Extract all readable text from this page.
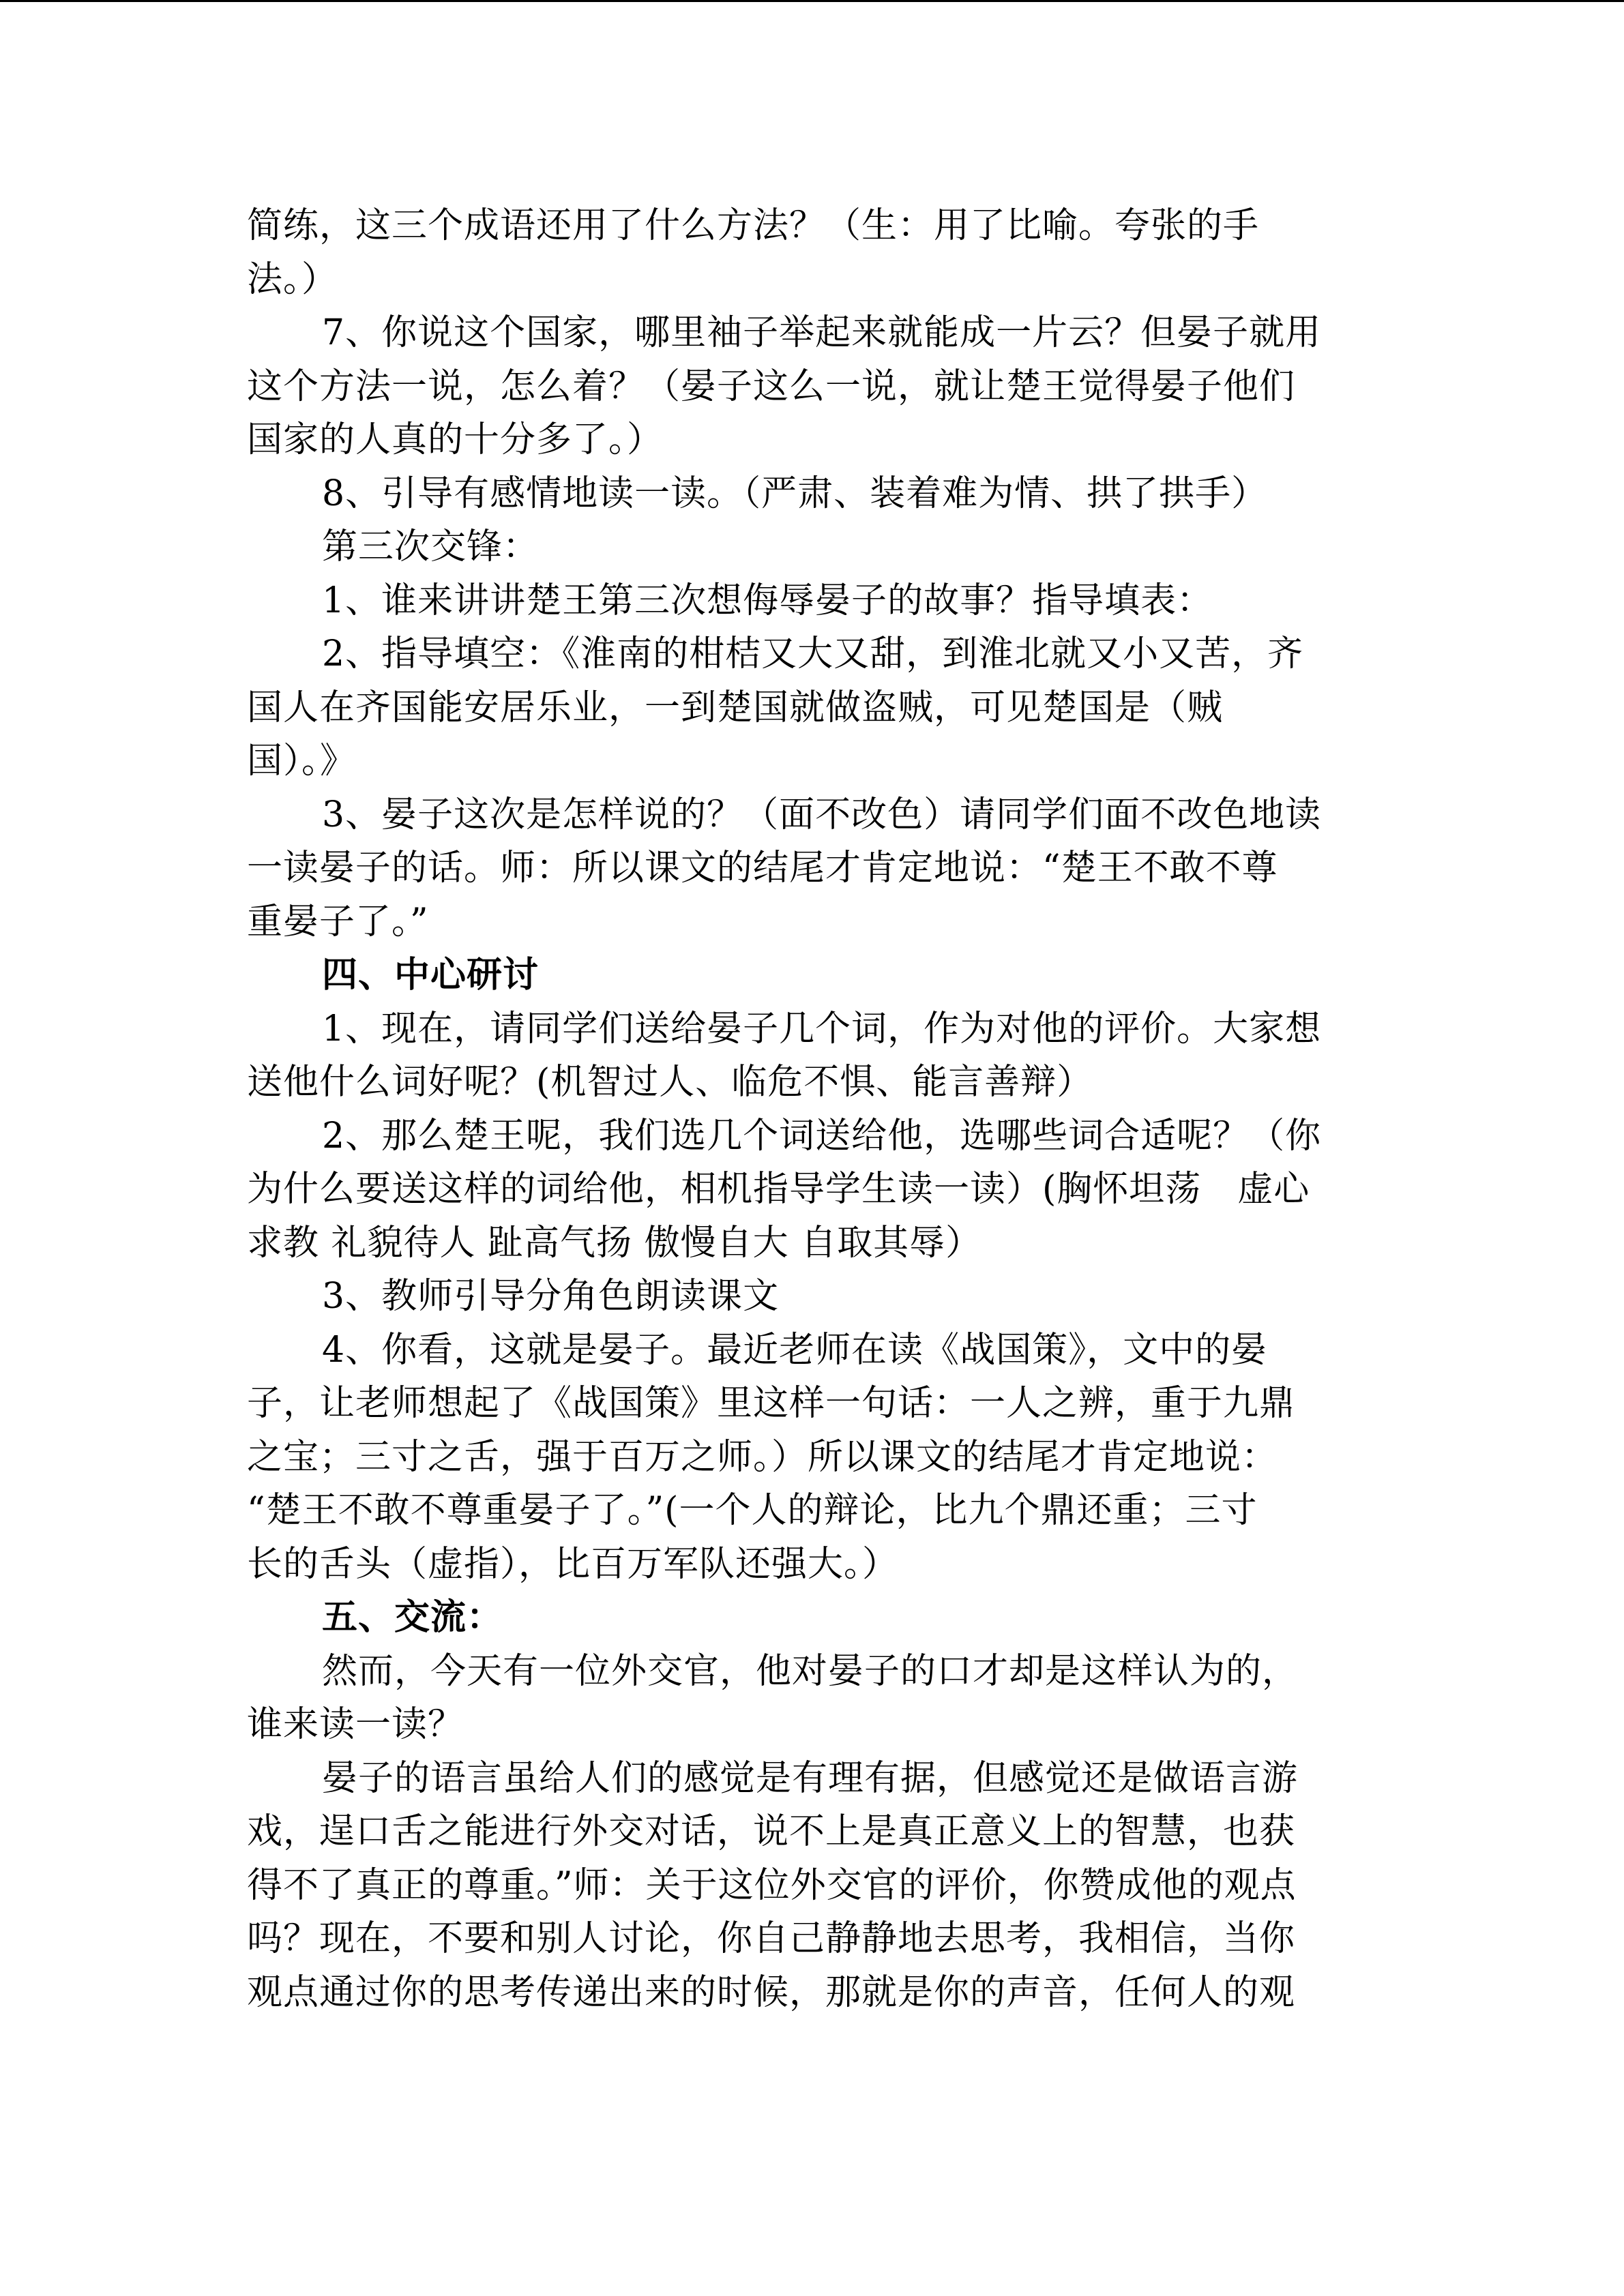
简练，这三个成语还用了什么方法？（生：用了比喻。夸张的手
法。）
7、你说这个国家，哪里袖子举起来就能成一片云？但晏子就用
这个方法一说，怎么着？（晏子这么一说，就让楚王觉得晏子他们
国家的人真的十分多了。）
8、引导有感情地读一读。（严肃、装着难为情、拱了拱手）
第三次交锋：
1、谁来讲讲楚王第三次想侮辱晏子的故事？指导填表：
2、指导填空：《淮南的柑桔又大又甜，到淮北就又小又苦，齐
国人在齐国能安居乐业，一到楚国就做盗贼，可见楚国是（贼
国）。》
3、晏子这次是怎样说的？（面不改色）请同学们面不改色地读
一读晏子的话。师：所以课文的结尾才肯定地说：“楚王不敢不尊
重晏子了。”
四、中心研讨
1、现在，请同学们送给晏子几个词，作为对他的评价。大家想
送他什么词好呢？(机智过人、临危不惧、能言善辩）
2、那么楚王呢，我们选几个词送给他，选哪些词合适呢？（你
为什么要送这样的词给他，相机指导学生读一读）(胸怀坦荡　虚心
求教 礼貌待人 趾高气扬 傲慢自大 自取其辱）
3、教师引导分角色朗读课文
4、你看，这就是晏子。最近老师在读《战国策》，文中的晏
子，让老师想起了《战国策》里这样一句话：一人之辨，重于九鼎
之宝；三寸之舌，强于百万之师。）所以课文的结尾才肯定地说：
“楚王不敢不尊重晏子了。”(一个人的辩论，比九个鼎还重；三寸
长的舌头（虚指），比百万军队还强大。）
五、交流：
然而，今天有一位外交官，他对晏子的口才却是这样认为的，
谁来读一读？
晏子的语言虽给人们的感觉是有理有据，但感觉还是做语言游
戏，逞口舌之能进行外交对话，说不上是真正意义上的智慧，也获
得不了真正的尊重。”师：关于这位外交官的评价，你赞成他的观点
吗？现在，不要和别人讨论，你自己静静地去思考，我相信，当你
观点通过你的思考传递出来的时候，那就是你的声音，任何人的观
